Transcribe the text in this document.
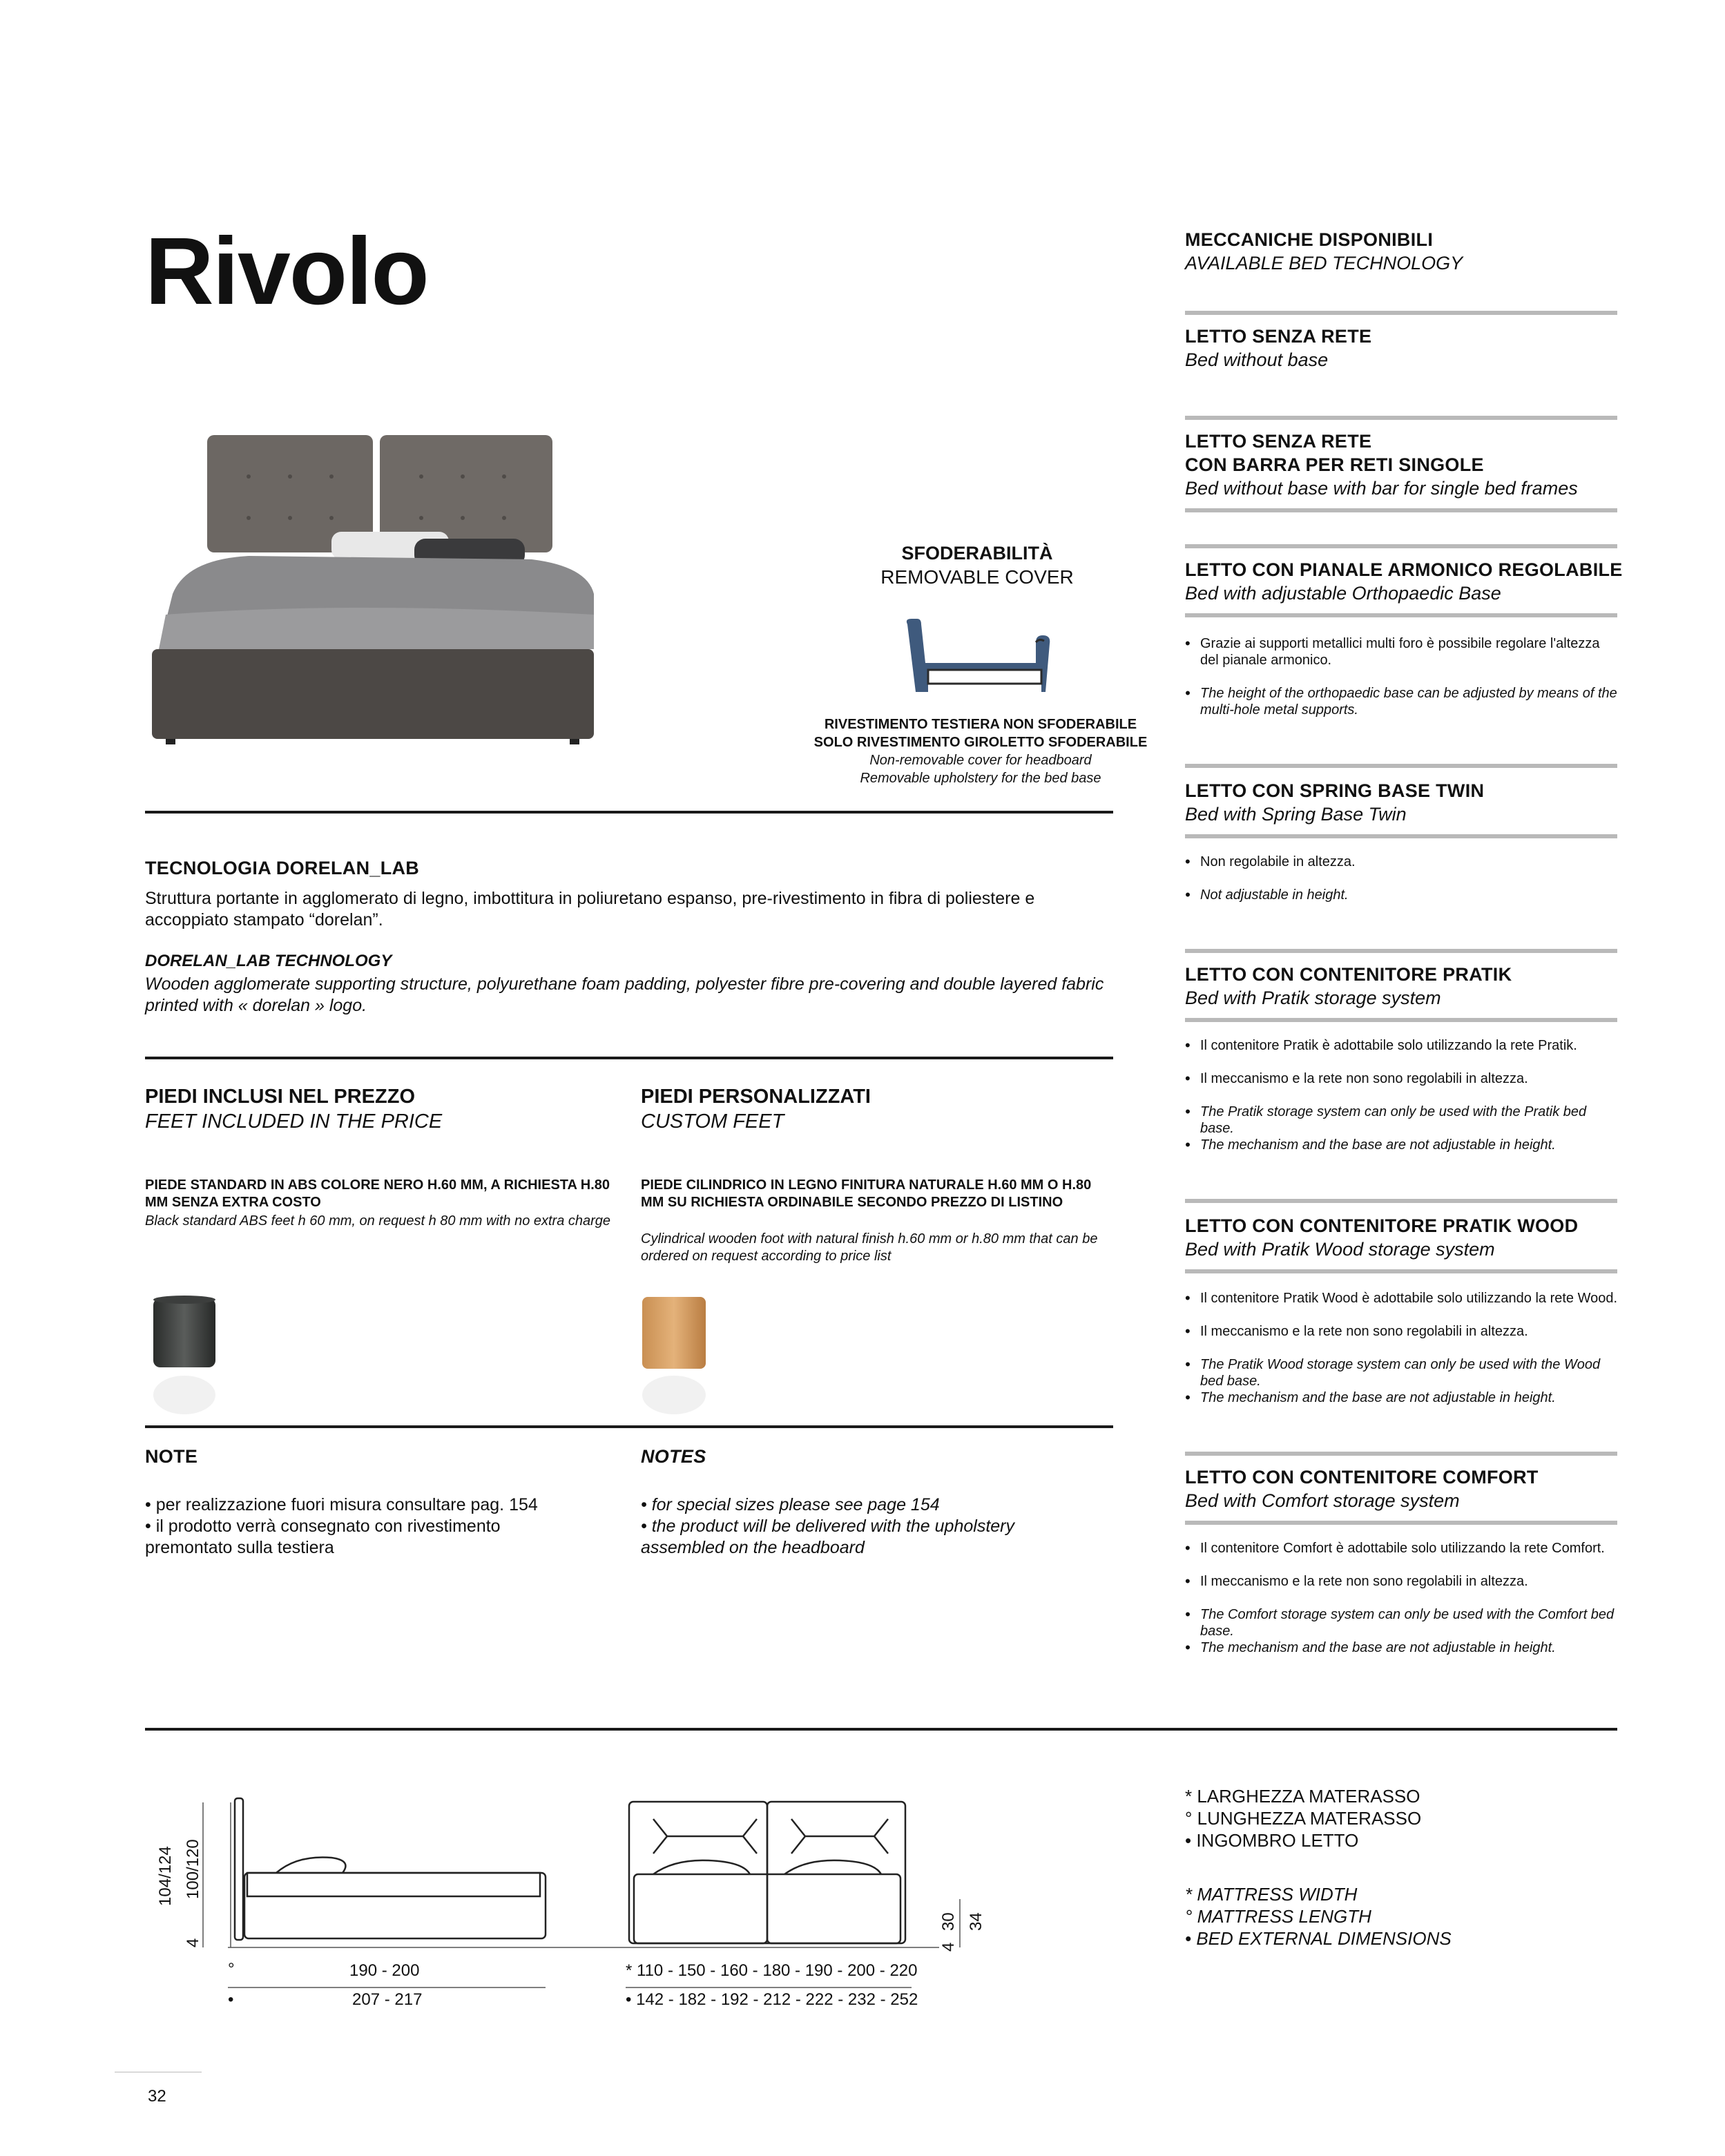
Rivolo
SFODERABILITÀ
REMOVABLE COVER
RIVESTIMENTO TESTIERA NON SFODERABILE
SOLO RIVESTIMENTO GIROLETTO SFODERABILE
Non-removable cover for headboard
Removable upholstery for the bed base
TECNOLOGIA DORELAN_LAB
Struttura portante in agglomerato di legno, imbottitura in poliuretano espanso, pre-rivestimento in fibra di poliestere e accoppiato stampato “dorelan”.
DORELAN_LAB TECHNOLOGY
Wooden agglomerate supporting structure, polyurethane foam padding, polyester fibre pre-covering and double layered fabric printed with « dorelan » logo.
PIEDI INCLUSI NEL PREZZO
FEET INCLUDED IN THE PRICE
PIEDE STANDARD IN ABS COLORE NERO H.60 MM, A RICHIESTA H.80 MM SENZA EXTRA COSTO
Black standard ABS feet h 60 mm, on request h 80 mm with no extra charge
PIEDI PERSONALIZZATI
CUSTOM FEET
PIEDE CILINDRICO IN LEGNO FINITURA NATURALE H.60 MM O H.80 MM SU RICHIESTA ORDINABILE SECONDO PREZZO DI LISTINO
Cylindrical wooden foot with natural finish h.60 mm or h.80 mm that can be ordered on request according to price list
NOTE
• per realizzazione fuori misura consultare pag. 154
• il prodotto verrà consegnato con rivestimento premontato sulla testiera
NOTES
• for special sizes please see page 154
• the product will be delivered with the upholstery assembled on the headboard
MECCANICHE DISPONIBILI
AVAILABLE BED TECHNOLOGY
LETTO SENZA RETE
Bed without base
LETTO SENZA RETE
CON BARRA PER RETI SINGOLE
Bed without base with bar for single bed frames
LETTO CON PIANALE ARMONICO REGOLABILE
Bed with adjustable Orthopaedic Base
• Grazie ai supporti metallici multi foro è possibile regolare l'altezza del pianale armonico.
• The height of the orthopaedic base can be adjusted by means of the multi-hole metal supports.
LETTO CON SPRING BASE TWIN
Bed with Spring Base Twin
• Non regolabile in altezza.
• Not adjustable in height.
LETTO CON CONTENITORE PRATIK
Bed with Pratik storage system
• Il contenitore Pratik è adottabile solo utilizzando la rete Pratik.
• Il meccanismo e la rete non sono regolabili in altezza.
• The Pratik storage system can only be used with the Pratik bed base.
• The mechanism and the base are not adjustable in height.
LETTO CON CONTENITORE PRATIK WOOD
Bed with Pratik Wood storage system
• Il contenitore Pratik Wood è adottabile solo utilizzando la rete Wood.
• Il meccanismo e la rete non sono regolabili in altezza.
• The Pratik Wood storage system can only be used with the Wood bed base.
• The mechanism and the base are not adjustable in height.
LETTO CON CONTENITORE COMFORT
Bed with Comfort storage system
• Il contenitore Comfort è adottabile solo utilizzando la rete Comfort.
• Il meccanismo e la rete non sono regolabili in altezza.
• The Comfort storage system can only be used with the Comfort bed base.
• The mechanism and the base are not adjustable in height.
104/124 100/120
4	4
30 34
°	190 - 200
•	207 - 217
* 110 - 150 - 160 - 180 - 190 - 200 - 220
• 142 - 182 - 192 - 212 - 222 - 232 - 252
* LARGHEZZA MATERASSO
° LUNGHEZZA MATERASSO
• INGOMBRO LETTO
* MATTRESS WIDTH
° MATTRESS LENGTH
• BED EXTERNAL DIMENSIONS
32
